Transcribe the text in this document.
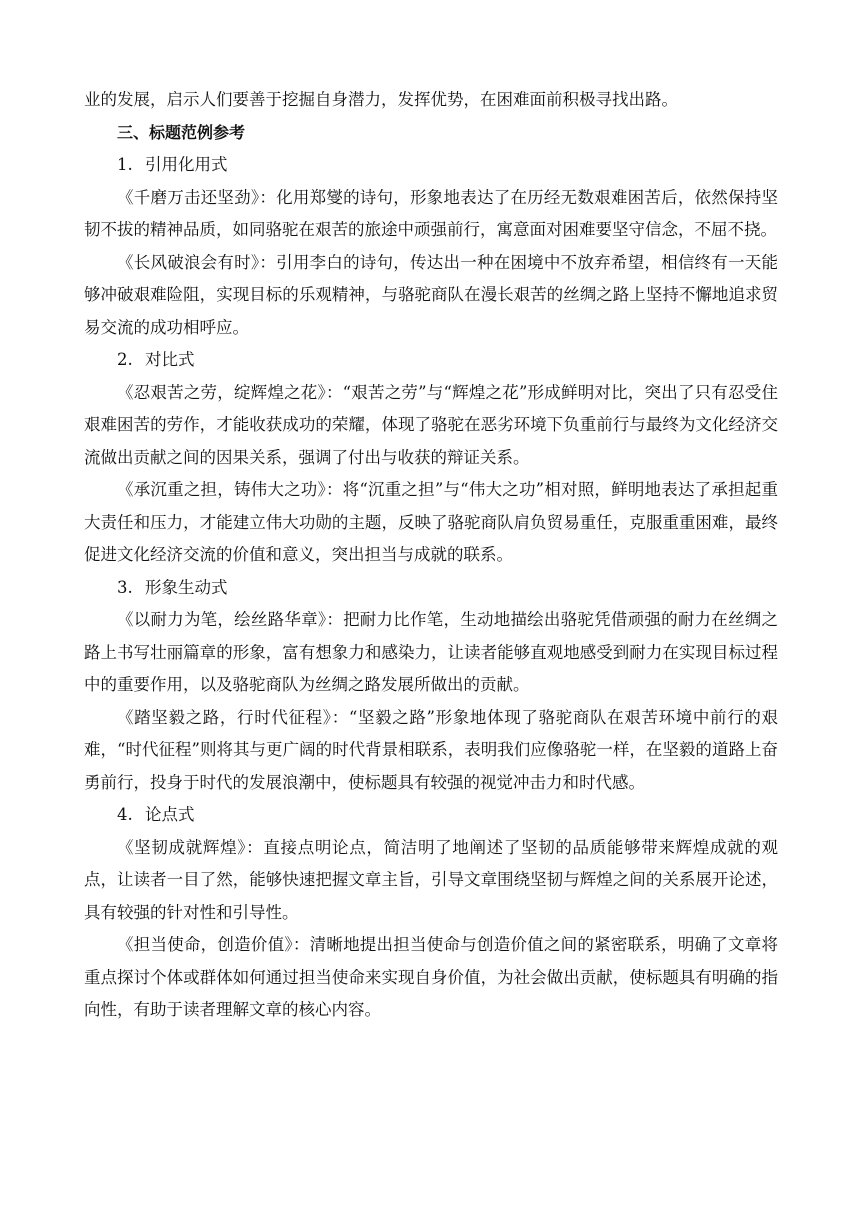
业的发展，启示人们要善于挖掘自身潜力，发挥优势，在困难面前积极寻找出路。

三、标题范例参考

1. 引用化用式

《千磨万击还坚劲》：化用郑燮的诗句，形象地表达了在历经无数艰难困苦后，依然保持坚韧不拔的精神品质，如同骆驼在艰苦的旅途中顽强前行，寓意面对困难要坚守信念，不屈不挠。

《长风破浪会有时》：引用李白的诗句，传达出一种在困境中不放弃希望，相信终有一天能够冲破艰难险阻，实现目标的乐观精神，与骆驼商队在漫长艰苦的丝绸之路上坚持不懈地追求贸易交流的成功相呼应。

2. 对比式

《忍艰苦之劳，绽辉煌之花》：“艰苦之劳”与“辉煌之花”形成鲜明对比，突出了只有忍受住艰难困苦的劳作，才能收获成功的荣耀，体现了骆驼在恶劣环境下负重前行与最终为文化经济交流做出贡献之间的因果关系，强调了付出与收获的辩证关系。

《承沉重之担，铸伟大之功》：将“沉重之担”与“伟大之功”相对照，鲜明地表达了承担起重大责任和压力，才能建立伟大功勋的主题，反映了骆驼商队肩负贸易重任，克服重重困难，最终促进文化经济交流的价值和意义，突出担当与成就的联系。

3. 形象生动式

《以耐力为笔，绘丝路华章》：把耐力比作笔，生动地描绘出骆驼凭借顽强的耐力在丝绸之路上书写壮丽篇章的形象，富有想象力和感染力，让读者能够直观地感受到耐力在实现目标过程中的重要作用，以及骆驼商队为丝绸之路发展所做出的贡献。

《踏坚毅之路，行时代征程》：“坚毅之路”形象地体现了骆驼商队在艰苦环境中前行的艰难，“时代征程”则将其与更广阔的时代背景相联系，表明我们应像骆驼一样，在坚毅的道路上奋勇前行，投身于时代的发展浪潮中，使标题具有较强的视觉冲击力和时代感。

4. 论点式

《坚韧成就辉煌》：直接点明论点，简洁明了地阐述了坚韧的品质能够带来辉煌成就的观点，让读者一目了然，能够快速把握文章主旨，引导文章围绕坚韧与辉煌之间的关系展开论述，具有较强的针对性和引导性。

《担当使命，创造价值》：清晰地提出担当使命与创造价值之间的紧密联系，明确了文章将重点探讨个体或群体如何通过担当使命来实现自身价值，为社会做出贡献，使标题具有明确的指向性，有助于读者理解文章的核心内容。
